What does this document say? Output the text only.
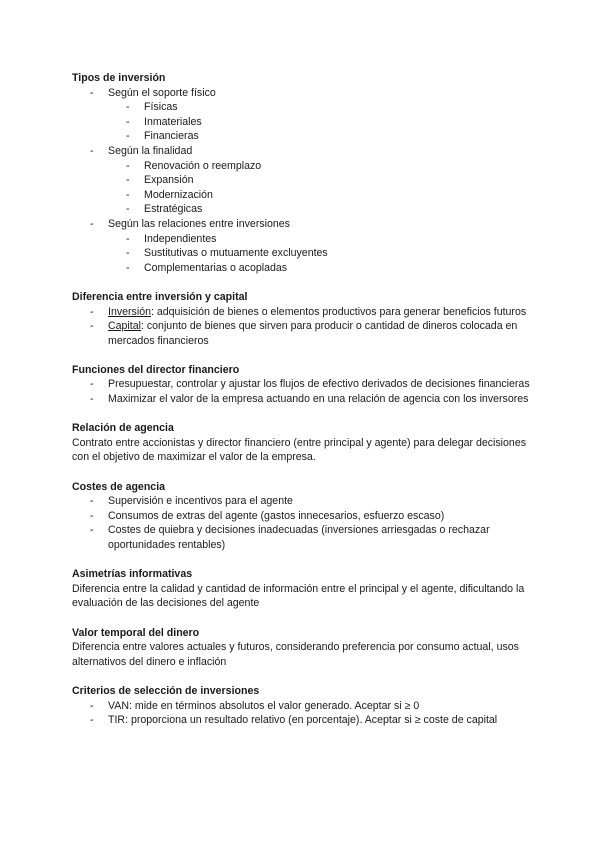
Tipos de inversión
- Según el soporte físico
- Físicas
- Inmateriales
- Financieras
- Según la finalidad
- Renovación o reemplazo
- Expansión
- Modernización
- Estratégicas
- Según las relaciones entre inversiones
- Independientes
- Sustitutivas o mutuamente excluyentes
- Complementarias o acopladas
Diferencia entre inversión y capital
- Inversión: adquisición de bienes o elementos productivos para generar beneficios futuros
- Capital: conjunto de bienes que sirven para producir o cantidad de dineros colocada en mercados financieros
Funciones del director financiero
- Presupuestar, controlar y ajustar los flujos de efectivo derivados de decisiones financieras
- Maximizar el valor de la empresa actuando en una relación de agencia con los inversores
Relación de agencia
Contrato entre accionistas y director financiero (entre principal y agente) para delegar decisiones con el objetivo de maximizar el valor de la empresa.
Costes de agencia
- Supervisión e incentivos para el agente
- Consumos de extras del agente (gastos innecesarios, esfuerzo escaso)
- Costes de quiebra y decisiones inadecuadas (inversiones arriesgadas o rechazar oportunidades rentables)
Asimetrías informativas
Diferencia entre la calidad y cantidad de información entre el principal y el agente, dificultando la evaluación de las decisiones del agente
Valor temporal del dinero
Diferencia entre valores actuales y futuros, considerando preferencia por consumo actual, usos alternativos del dinero e inflación
Criterios de selección de inversiones
- VAN: mide en términos absolutos el valor generado. Aceptar si ≥ 0
- TIR: proporciona un resultado relativo (en porcentaje). Aceptar si ≥ coste de capital
